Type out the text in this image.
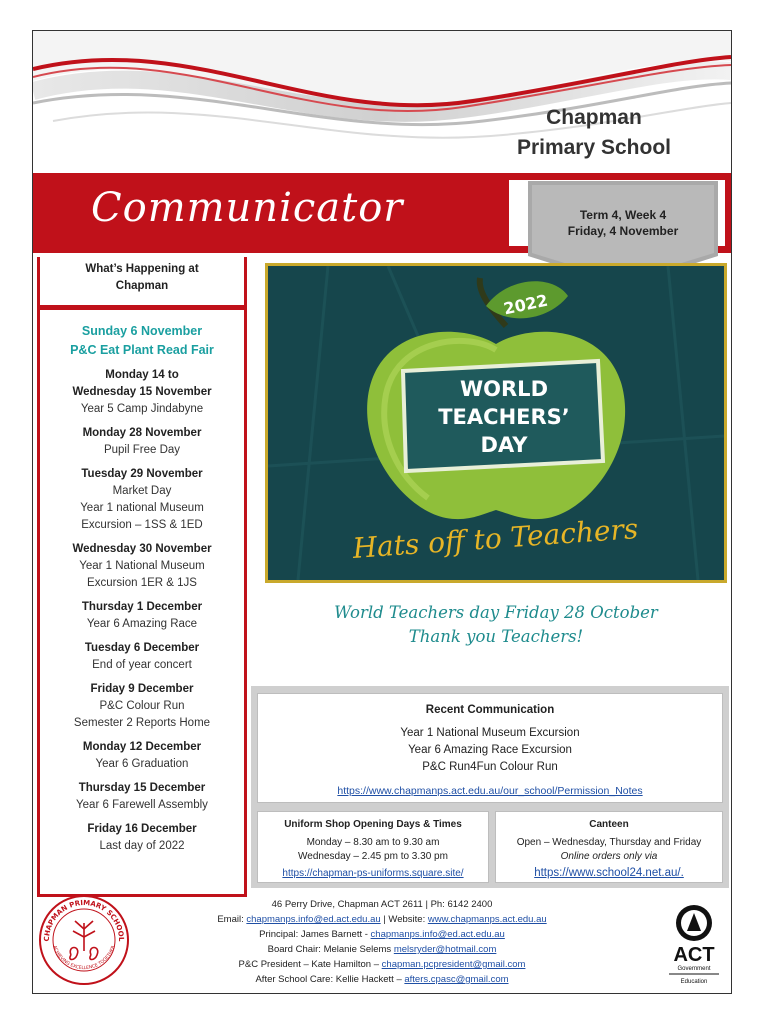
Chapman
Primary School
Communicator	Term 4, Week 4
Friday, 4 November
What’s Happening at
Chapman
Sunday 6 November
P&C Eat Plant Read Fair
Monday 14 to
Wednesday 15 November
Year 5 Camp Jindabyne
Monday 28 November
Pupil Free Day
Tuesday 29 November
Market Day
Year 1 national Museum
Excursion – 1SS & 1ED
Wednesday 30 November
Year 1 National Museum
Excursion 1ER & 1JS
Thursday 1 December
Year 6 Amazing Race
Tuesday 6 December
End of year concert
Friday 9 December
P&C Colour Run
Semester 2 Reports Home
Monday 12 December
Year 6 Graduation
Thursday 15 December
Year 6 Farewell Assembly
Friday 16 December
Last day of 2022
2022
WORLD
TEACHERS’
DAY
Hats off to Teachers
World Teachers day Friday 28 October
Thank you Teachers!
Recent Communication
Year 1 National Museum Excursion
Year 6 Amazing Race Excursion
P&C Run4Fun Colour Run
https://www.chapmanps.act.edu.au/our_school/Permission_Notes
Uniform Shop Opening Days & Times
Monday – 8.30 am to 9.30 am
Wednesday – 2.45 pm to 3.30 pm
https://chapman-ps-uniforms.square.site/
Canteen
Open – Wednesday, Thursday and Friday
Online orders only via
https://www.school24.net.au/.
CHAPMAN PRIMARY SCHOOL
ACHIEVING EXCELLENCE TOGETHER
46 Perry Drive, Chapman ACT 2611 | Ph: 6142 2400
Email: chapmanps.info@ed.act.edu.au | Website: www.chapmanps.act.edu.au
Principal: James Barnett - chapmanps.info@ed.act.edu.au
Board Chair: Melanie Selems melsryder@hotmail.com
P&C President – Kate Hamilton – chapman.pcpresident@gmail.com
After School Care: Kellie Hackett – afters.cpasc@gmail.com
ACT
Government
Education
